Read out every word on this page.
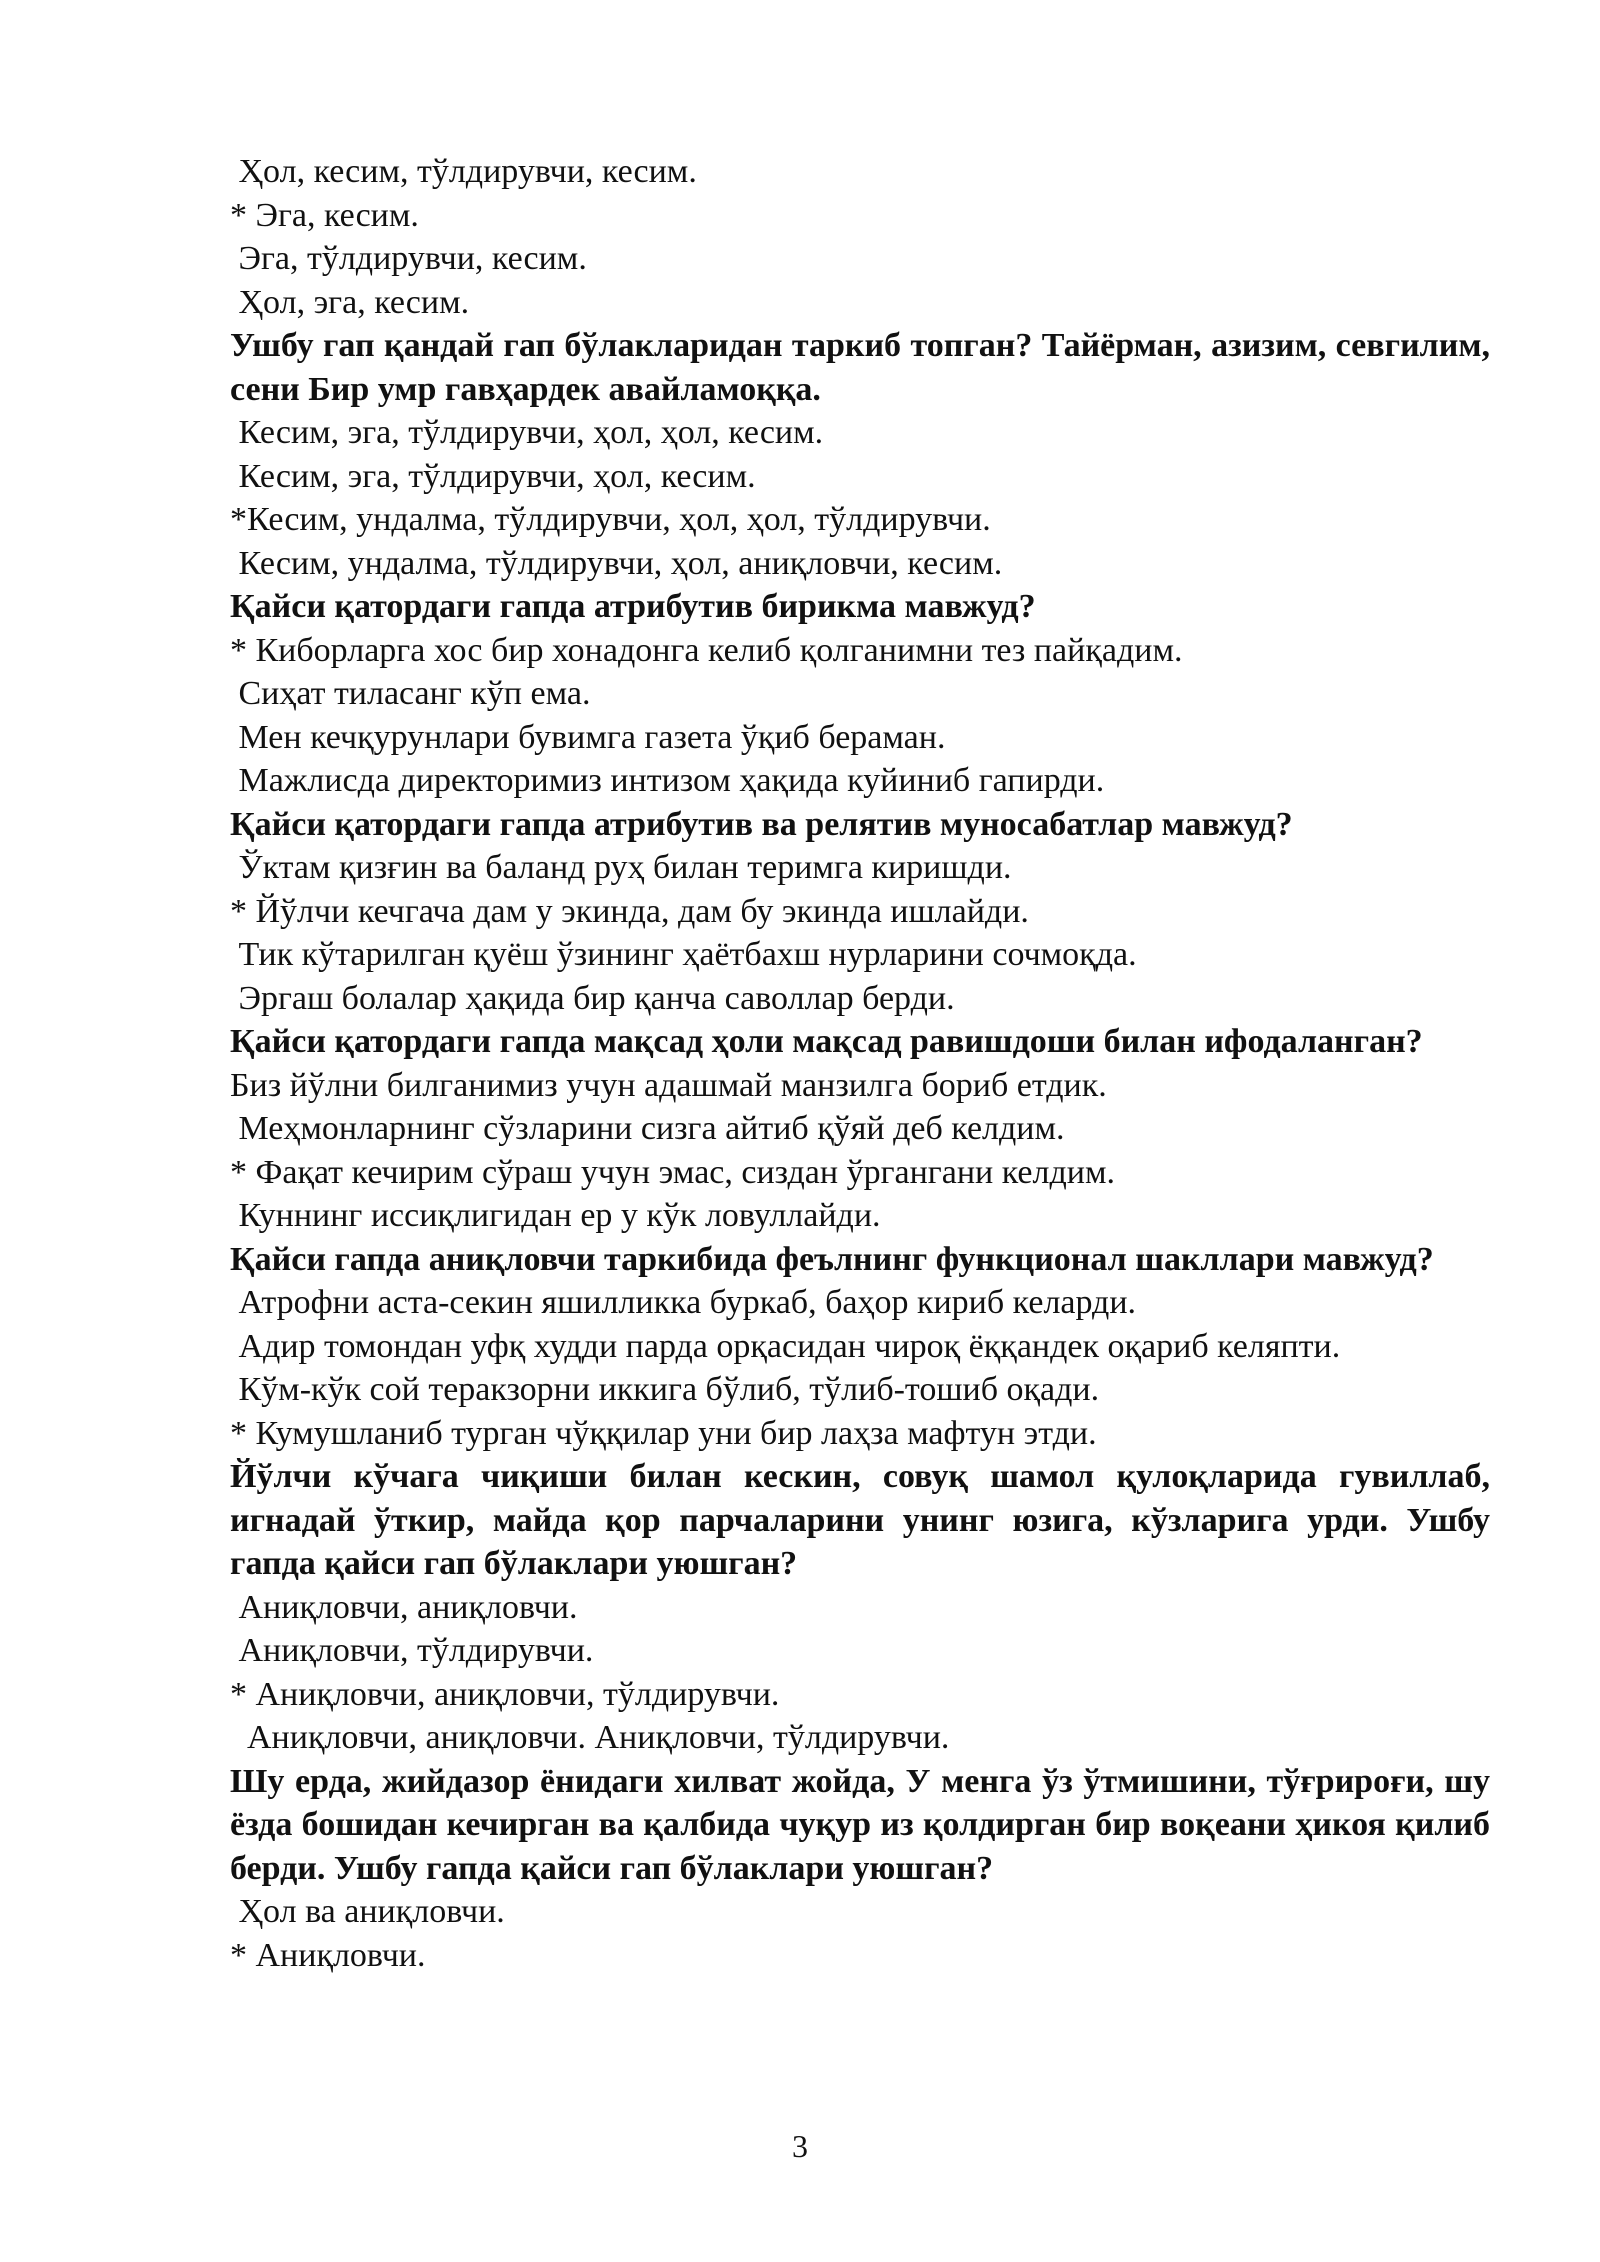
Ҳол, кесим, тўлдирувчи, кесим.
* Эга, кесим.
Эга, тўлдирувчи, кесим.
Ҳол, эга, кесим.
Ушбу гап қандай гап бўлакларидан таркиб топган? Тайёрман, азизим, севгилим, сени Бир умр гавҳардек авайламоққа.
Кесим, эга, тўлдирувчи, ҳол, ҳол, кесим.
Кесим, эга, тўлдирувчи, ҳол, кесим.
*Кесим, ундалма, тўлдирувчи, ҳол, ҳол, тўлдирувчи.
Кесим, ундалма, тўлдирувчи, ҳол, аниқловчи, кесим.
Қайси қатордаги гапда атрибутив бирикма мавжуд?
* Киборларга хос бир хонадонга келиб қолганимни тез пайқадим.
Сиҳат тиласанг кўп ема.
Мен кечқурунлари бувимга газета ўқиб бераман.
Мажлисда директоримиз интизом ҳақида куйиниб гапирди.
Қайси қатордаги гапда атрибутив ва релятив муносабатлар мавжуд?
Ўктам қизғин ва баланд руҳ билан теримга киришди.
* Йўлчи кечгача дам у экинда, дам бу экинда ишлайди.
Тик кўтарилган қуёш ўзининг ҳаётбахш нурларини сочмоқда.
Эргаш болалар ҳақида бир қанча саволлар берди.
Қайси қатордаги гапда мақсад ҳоли мақсад равишдоши билан ифодаланган?
Биз йўлни билганимиз учун адашмай манзилга бориб етдик.
Меҳмонларнинг сўзларини сизга айтиб қўяй деб келдим.
* Фақат кечирим сўраш учун эмас, сиздан ўргангани келдим.
Куннинг иссиқлигидан ер у кўк ловуллайди.
Қайси гапда аниқловчи таркибида феълнинг функционал шакллари мавжуд?
Атрофни аста-секин яшилликка буркаб, баҳор кириб келарди.
Адир томондан уфқ худди парда орқасидан чироқ ёққандек оқариб келяпти.
Кўм-кўк сой теракзорни иккига бўлиб, тўлиб-тошиб оқади.
* Кумушланиб турган чўққилар уни бир лаҳза мафтун этди.
Йўлчи кўчага чиқиши билан кескин, совуқ шамол қулоқларида гувиллаб, игнадай ўткир, майда қор парчаларини унинг юзига, кўзларига урди. Ушбу гапда қайси гап бўлаклари уюшган?
Аниқловчи, аниқловчи.
Аниқловчи, тўлдирувчи.
* Аниқловчи, аниқловчи, тўлдирувчи.
Аниқловчи, аниқловчи. Аниқловчи, тўлдирувчи.
Шу ерда, жийдазор ёнидаги хилват жойда, У менга ўз ўтмишини, тўғрироғи, шу ёзда бошидан кечирган ва қалбида чуқур из қолдирган бир воқеани ҳикоя қилиб берди. Ушбу гапда қайси гап бўлаклари уюшган?
Ҳол ва аниқловчи.
* Аниқловчи.
3
